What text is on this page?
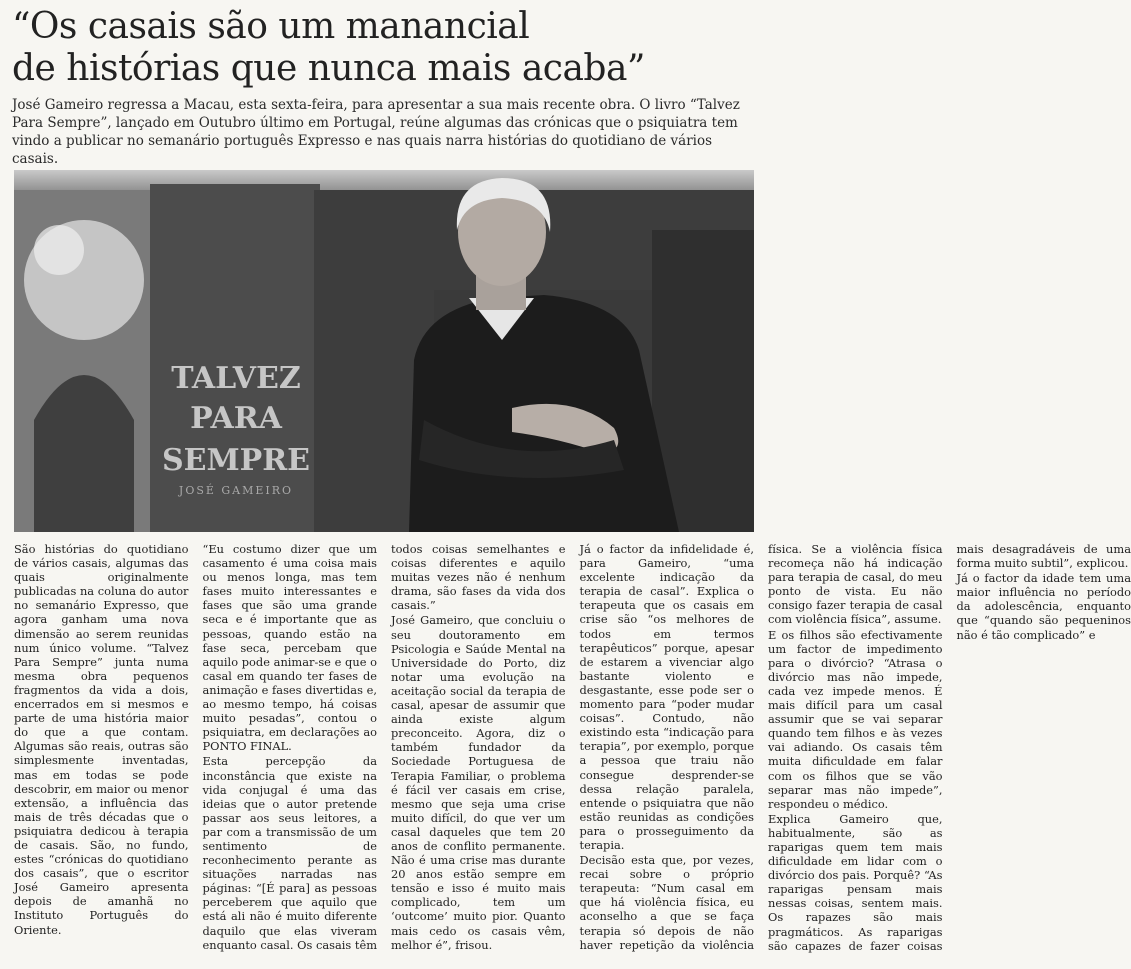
“Os casais são um manancial
de histórias que nunca mais acaba”

José Gameiro regressa a Macau, esta sexta-feira, para apresentar a sua mais recente obra. O livro “Talvez Para Sempre”, lançado em Outubro último em Portugal, reúne algumas das crónicas que o psiquiatra tem vindo a publicar no semanário português Expresso e nas quais narra histórias do quotidiano de vários casais.

TALVEZ
PARA
SEMPRE
JOSÉ GAMEIRO

São histórias do quotidiano de vários casais, algumas das quais originalmente publicadas na coluna do autor no semanário Expresso, que agora ganham uma nova dimensão ao serem reunidas num único volume. “Talvez Para Sempre” junta numa mesma obra pequenos fragmentos da vida a dois, encerrados em si mesmos e parte de uma história maior do que a que contam. Algumas são reais, outras são simplesmente inventadas, mas em todas se pode descobrir, em maior ou menor extensão, a influência das mais de três décadas que o psiquiatra dedicou à terapia de casais. São, no fundo, estes “crónicas do quotidiano dos casais”, que o escritor José Gameiro apresenta depois de amanhã no Instituto Português do Oriente.

“Eu costumo dizer que um casamento é uma coisa mais ou menos longa, mas tem fases muito interessantes e fases que são uma grande seca e é importante que as pessoas, quando estão na fase seca, percebam que aquilo pode animar-se e que o casal em quando ter fases de animação e fases divertidas e, ao mesmo tempo, há coisas muito pesadas”, contou o psiquiatra, em declarações ao PONTO FINAL.

Esta percepção da inconstância que existe na vida conjugal é uma das ideias que o autor pretende passar aos seus leitores, a par com a transmissão de um sentimento de reconhecimento perante as situações narradas nas páginas: “[É para] as pessoas perceberem que aquilo que está ali não é muito diferente daquilo que elas viveram enquanto casal. Os casais têm todos coisas semelhantes e coisas diferentes e aquilo muitas vezes não é nenhum drama, são fases da vida dos casais.”

José Gameiro, que concluiu o seu doutoramento em Psicologia e Saúde Mental na Universidade do Porto, diz notar uma evolução na aceitação social da terapia de casal, apesar de assumir que ainda existe algum preconceito. Agora, diz o também fundador da Sociedade Portuguesa de Terapia Familiar, o problema é fácil ver casais em crise, mesmo que seja uma crise muito difícil, do que ver um casal daqueles que tem 20 anos de conflito permanente. Não é uma crise mas durante 20 anos estão sempre em tensão e isso é muito mais complicado, tem um ‘outcome’ muito pior. Quanto mais cedo os casais vêm, melhor é”, frisou.

Já o factor da infidelidade é, para Gameiro, “uma excelente indicação da terapia de casal”. Explica o terapeuta que os casais em crise são “os melhores de todos em termos terapêuticos” porque, apesar de estarem a vivenciar algo bastante violento e desgastante, esse pode ser o momento para “poder mudar coisas”. Contudo, não existindo esta “indicação para terapia”, por exemplo, porque a pessoa que traiu não consegue desprender-se dessa relação paralela, entende o psiquiatra que não estão reunidas as condições para o prosseguimento da terapia.

Decisão esta que, por vezes, recai sobre o próprio terapeuta: “Num casal em que há violência física, eu aconselho a que se faça terapia só depois de não haver repetição da violência física. Se a violência física recomeça não há indicação para terapia de casal, do meu ponto de vista. Eu não consigo fazer terapia de casal com violência física”, assume.

E os filhos são efectivamente um factor de impedimento para o divórcio? “Atrasa o divórcio mas não impede, cada vez impede menos. É mais difícil para um casal assumir que se vai separar quando tem filhos e às vezes vai adiando. Os casais têm muita dificuldade em falar com os filhos que se vão separar mas não impede”, respondeu o médico.

Explica Gameiro que, habitualmente, são as raparigas quem tem mais dificuldade em lidar com o divórcio dos pais. Porquê? “As raparigas pensam mais nessas coisas, sentem mais. Os rapazes são mais pragmáticos. As raparigas são capazes de fazer coisas mais desagradáveis de uma forma muito subtil”, explicou.

Já o factor da idade tem uma maior influência no período da adolescência, enquanto que “quando são pequeninos não é tão complicado” e
